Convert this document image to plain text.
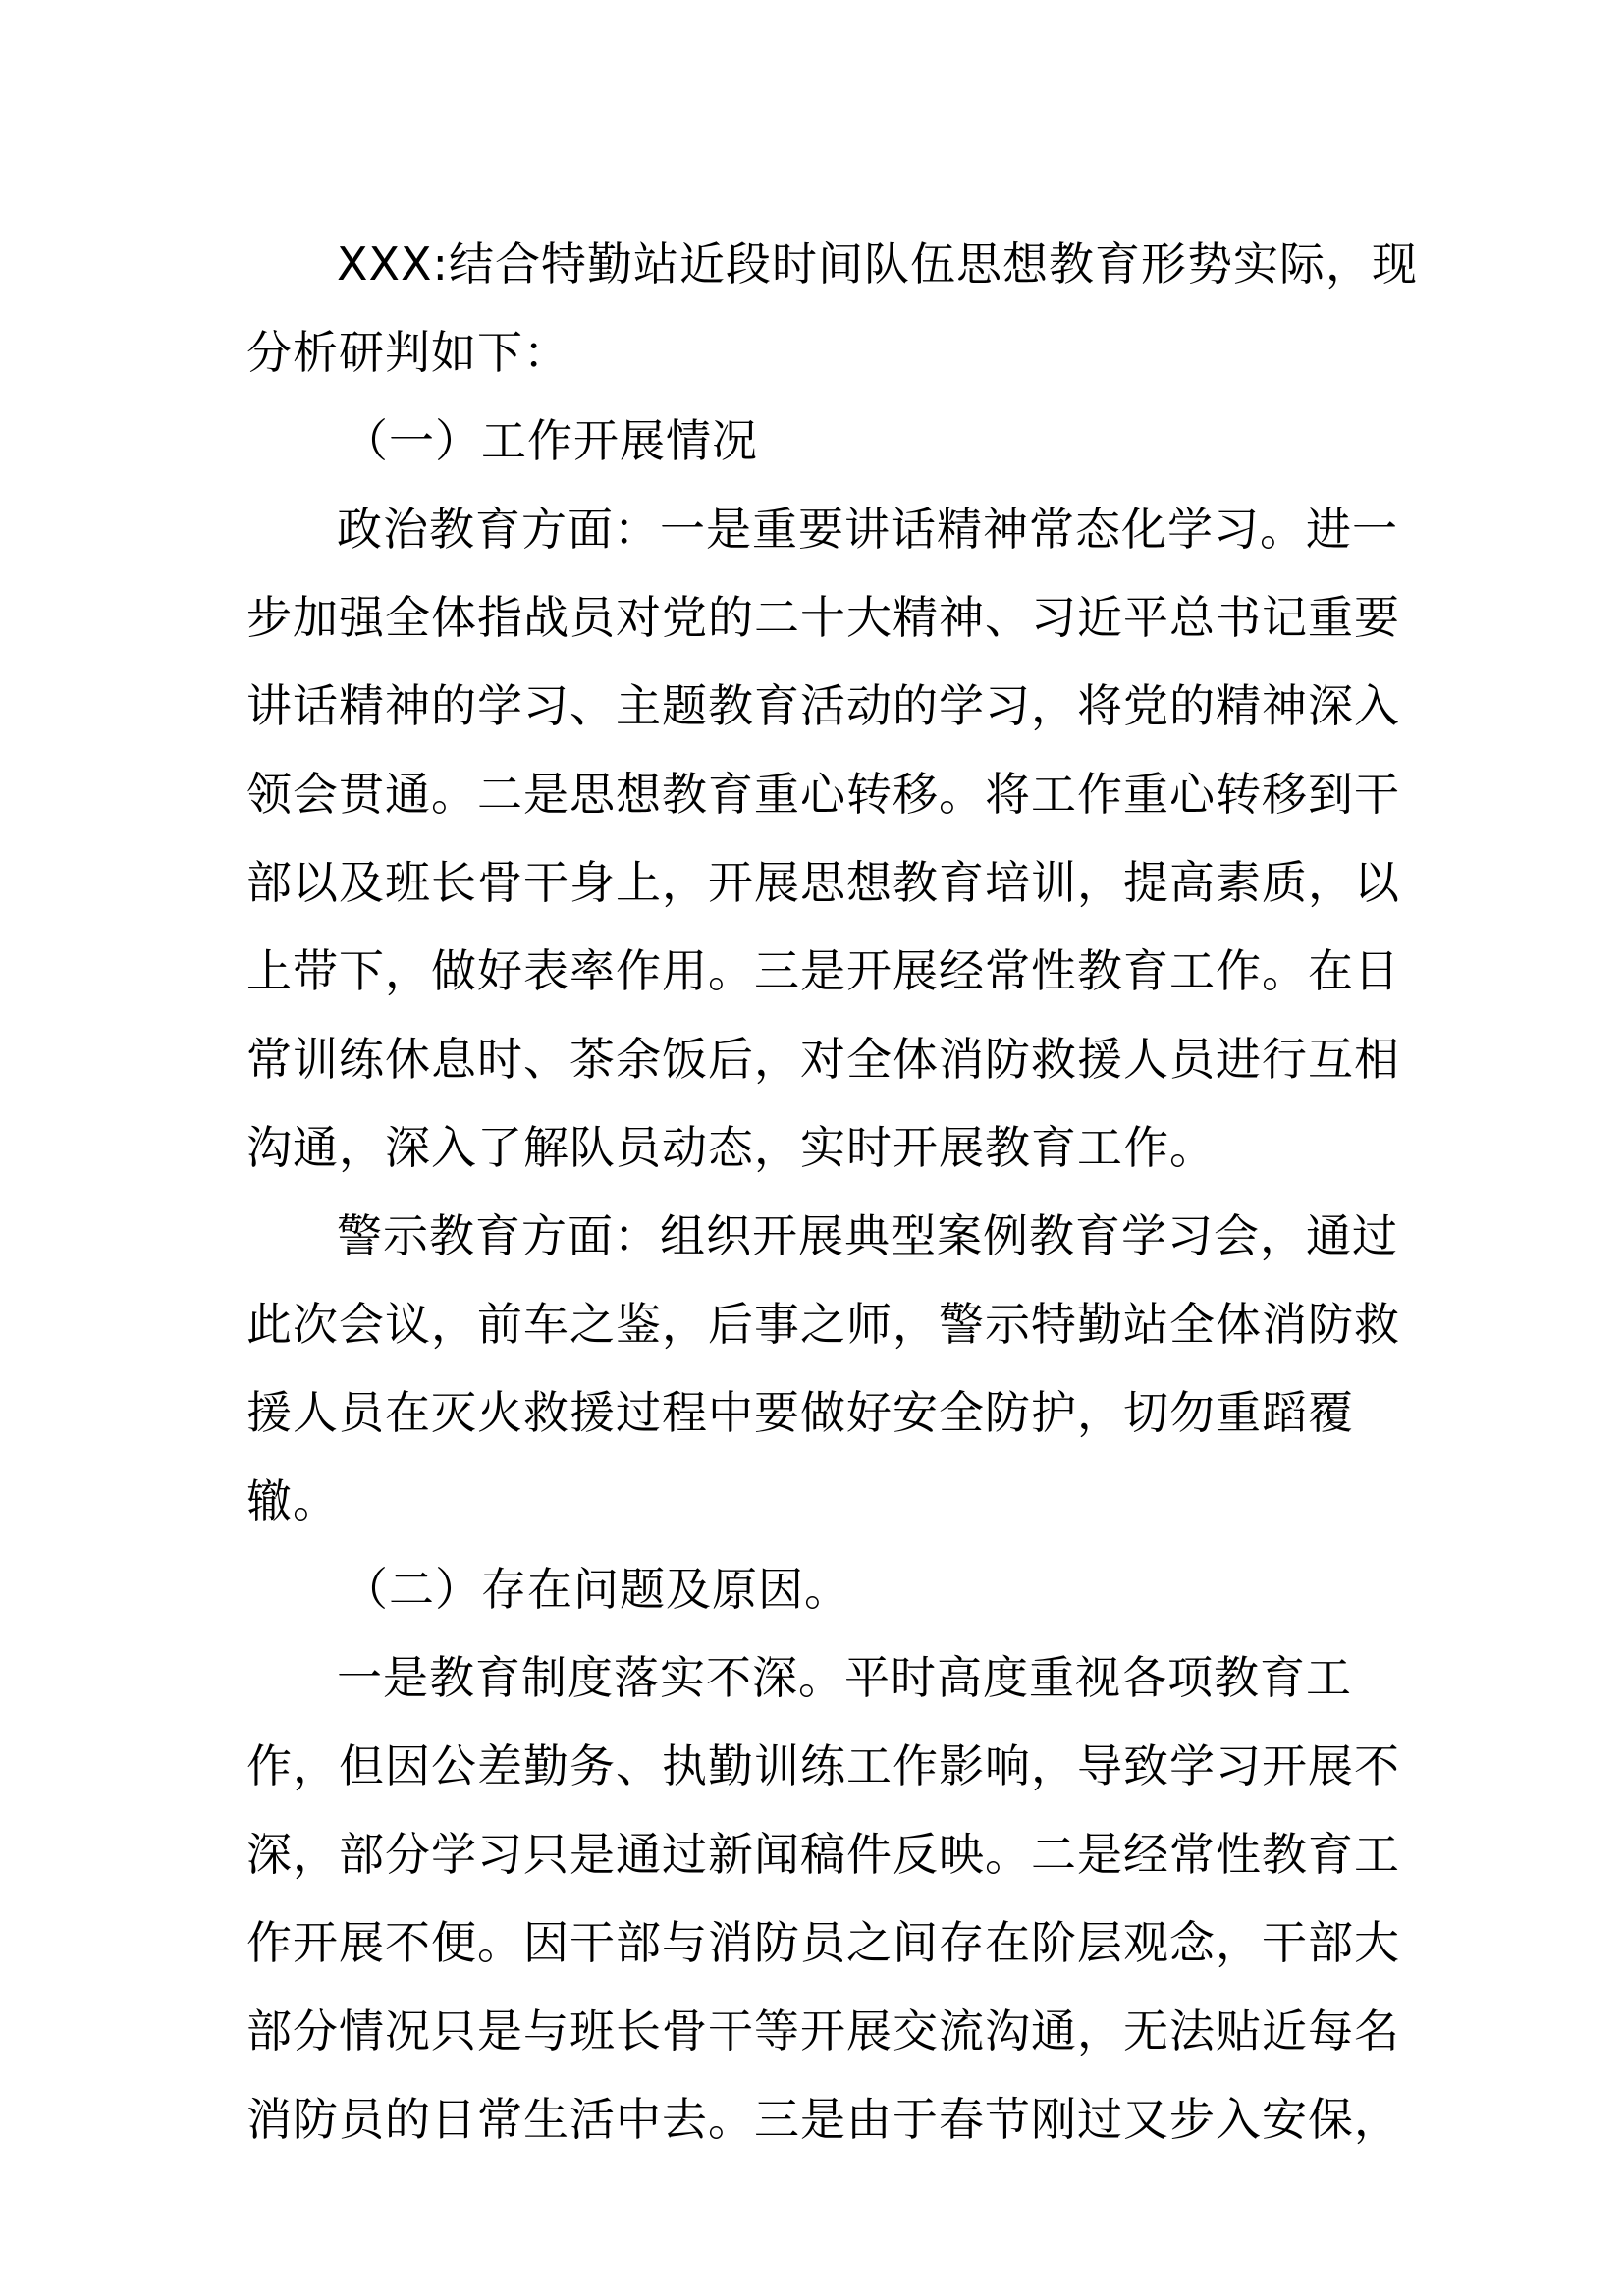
XXX:结合特勤站近段时间队伍思想教育形势实际，现
分析研判如下：
（一）工作开展情况
政治教育方面：一是重要讲话精神常态化学习。进一
步加强全体指战员对党的二十大精神、习近平总书记重要
讲话精神的学习、主题教育活动的学习，将党的精神深入
领会贯通。二是思想教育重心转移。将工作重心转移到干
部以及班长骨干身上，开展思想教育培训，提高素质，以
上带下，做好表率作用。三是开展经常性教育工作。在日
常训练休息时、茶余饭后，对全体消防救援人员进行互相
沟通，深入了解队员动态，实时开展教育工作。
警示教育方面：组织开展典型案例教育学习会，通过
此次会议，前车之鉴，后事之师，警示特勤站全体消防救
援人员在灭火救援过程中要做好安全防护，切勿重蹈覆
辙。
（二）存在问题及原因。
一是教育制度落实不深。平时高度重视各项教育工
作，但因公差勤务、执勤训练工作影响，导致学习开展不
深，部分学习只是通过新闻稿件反映。二是经常性教育工
作开展不便。因干部与消防员之间存在阶层观念，干部大
部分情况只是与班长骨干等开展交流沟通，无法贴近每名
消防员的日常生活中去。三是由于春节刚过又步入安保，
